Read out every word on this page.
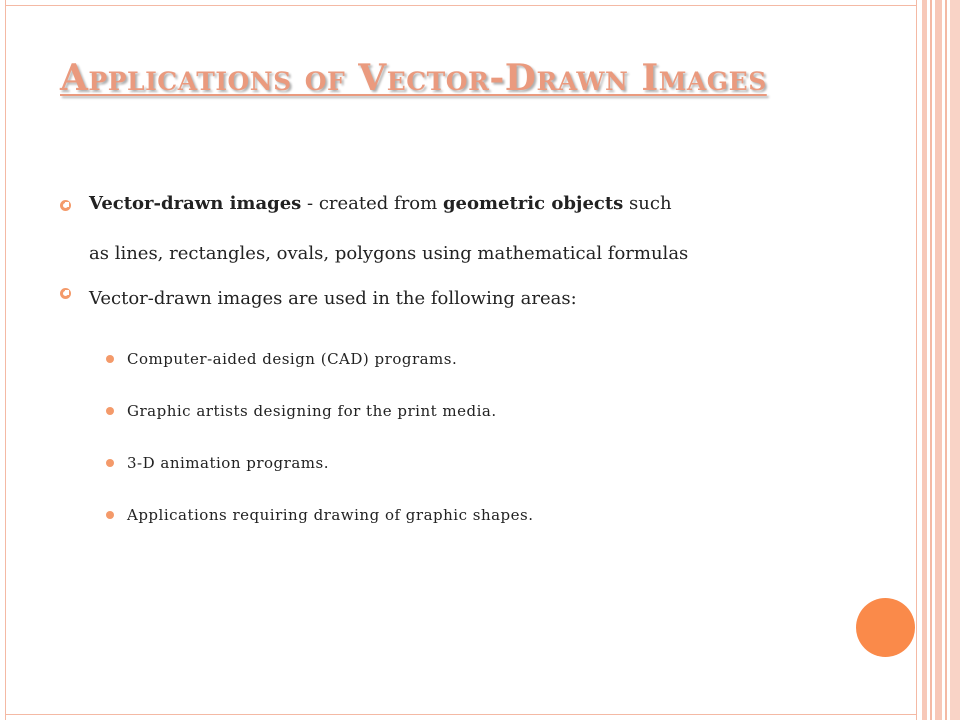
Applications of Vector-Drawn Images

Vector-drawn images - created from geometric objects such
as lines, rectangles, ovals, polygons using mathematical formulas

Vector-drawn images are used in the following areas:
Computer-aided design (CAD) programs.
Graphic artists designing for the print media.
3-D animation programs.
Applications requiring drawing of graphic shapes.
